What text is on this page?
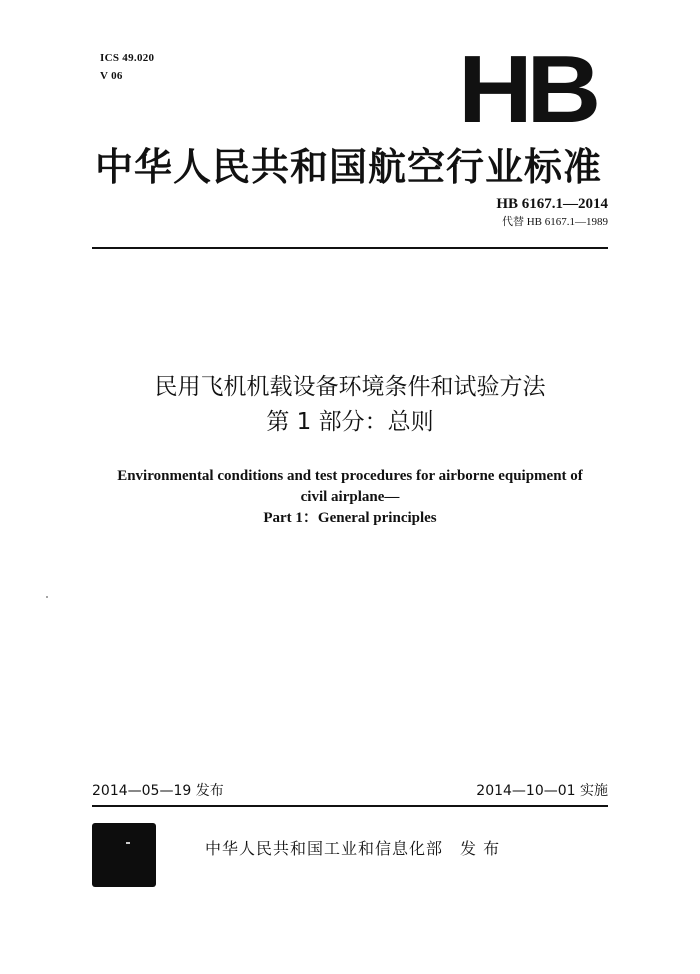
ICS 49.020
V 06	HB
中华人民共和国航空行业标准
HB 6167.1—2014
代替 HB 6167.1—1989
民用飞机机载设备环境条件和试验方法
第 1 部分：总则
Environmental conditions and test procedures for airborne equipment of
civil airplane—
Part 1：General principles
2014—05—19 发布	2014—10—01 实施
中华人民共和国工业和信息化部　发 布
